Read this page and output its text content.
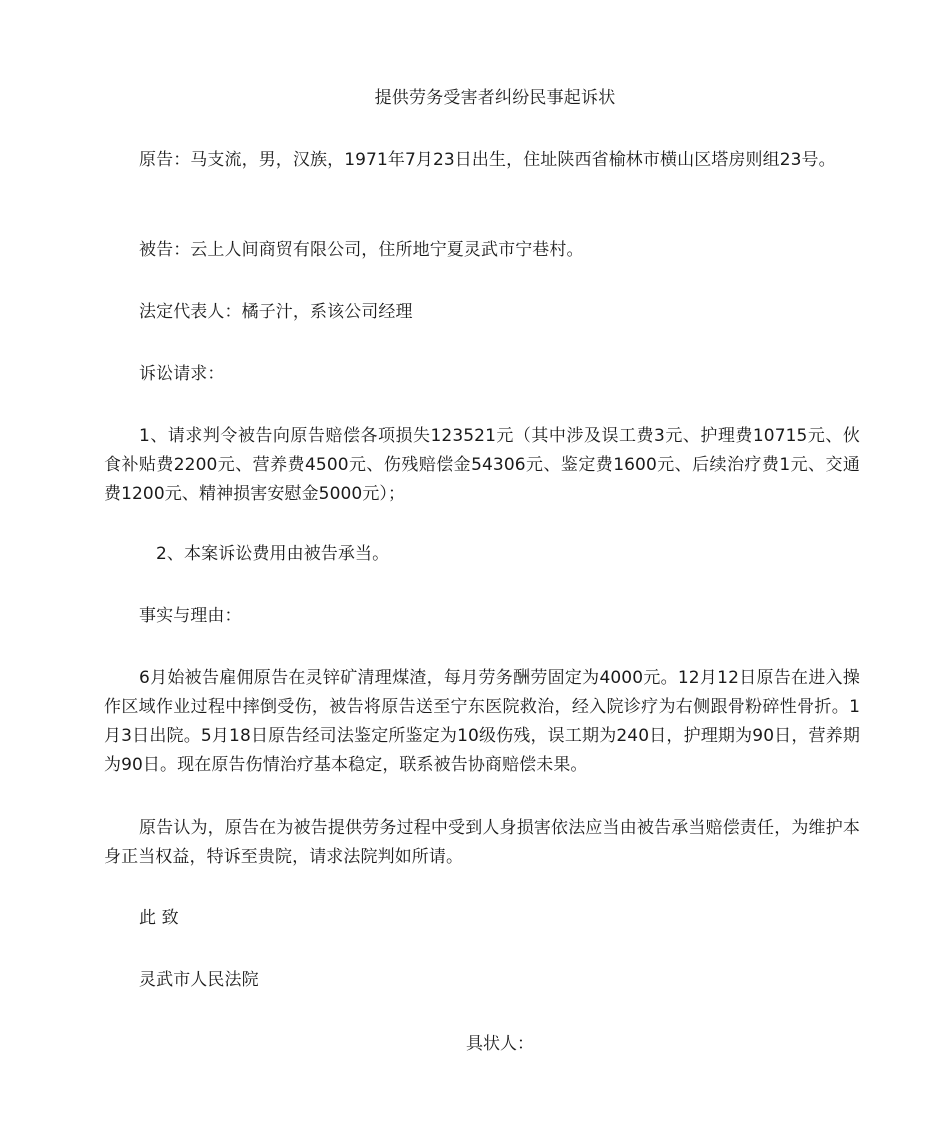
提供劳务受害者纠纷民事起诉状

原告：马支流，男，汉族，1971年7月23日出生，住址陕西省榆林市横山区塔房则组23号。

被告：云上人间商贸有限公司，住所地宁夏灵武市宁巷村。

法定代表人：橘子汁，系该公司经理

诉讼请求：

1、请求判令被告向原告赔偿各项损失123521元（其中涉及误工费3元、护理费10715元、伙食补贴费2200元、营养费4500元、伤残赔偿金54306元、鉴定费1600元、后续治疗费1元、交通费1200元、精神损害安慰金5000元）；

2、本案诉讼费用由被告承当。

事实与理由：

6月始被告雇佣原告在灵锌矿清理煤渣，每月劳务酬劳固定为4000元。12月12日原告在进入操作区域作业过程中摔倒受伤，被告将原告送至宁东医院救治，经入院诊疗为右侧跟骨粉碎性骨折。1月3日出院。5月18日原告经司法鉴定所鉴定为10级伤残，误工期为240日，护理期为90日，营养期为90日。现在原告伤情治疗基本稳定，联系被告协商赔偿未果。

原告认为，原告在为被告提供劳务过程中受到人身损害依法应当由被告承当赔偿责任，为维护本身正当权益，特诉至贵院，请求法院判如所请。

此 致

灵武市人民法院

具状人：
